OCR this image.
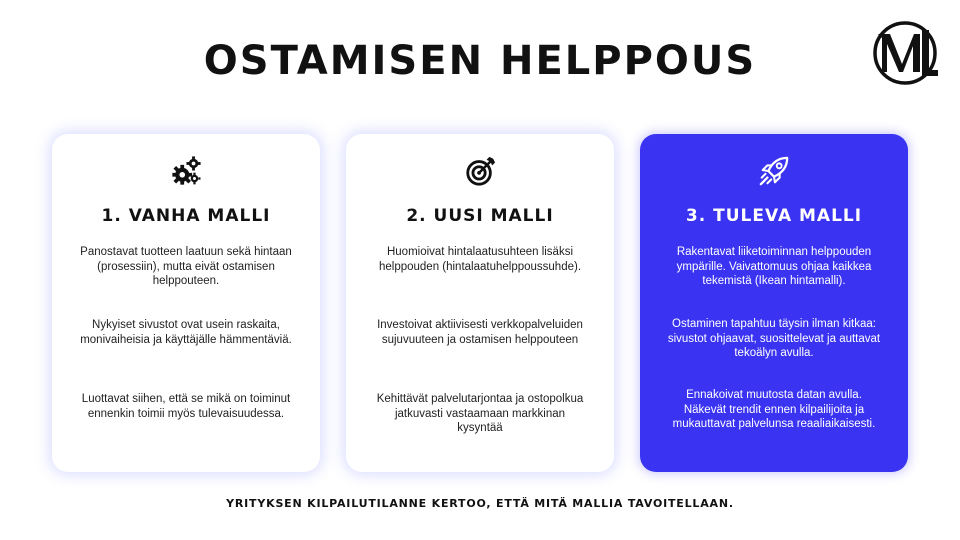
OSTAMISEN HELPPOUS
1. VANHA MALLI

Panostavat tuotteen laatuun sekä hintaan (prosessiin), mutta eivät ostamisen helppouteen.

Nykyiset sivustot ovat usein raskaita, monivaiheisia ja käyttäjälle hämmentäviä.

Luottavat siihen, että se mikä on toiminut ennenkin toimii myös tulevaisuudessa.

2. UUSI MALLI

Huomioivat hintalaatusuhteen lisäksi helppouden (hintalaatuhelppoussuhde).

Investoivat aktiivisesti verkkopalveluiden sujuvuuteen ja ostamisen helppouteen

Kehittävät palvelutarjontaa ja ostopolkua jatkuvasti vastaamaan markkinan kysyntää

3. TULEVA MALLI

Rakentavat liiketoiminnan helppouden ympärille. Vaivattomuus ohjaa kaikkea tekemistä (Ikean hintamalli).

Ostaminen tapahtuu täysin ilman kitkaa: sivustot ohjaavat, suosittelevat ja auttavat tekoälyn avulla.

Ennakoivat muutosta datan avulla. Näkevät trendit ennen kilpailijoita ja mukauttavat palvelunsa reaaliaikaisesti.

YRITYKSEN KILPAILUTILANNE KERTOO, ETTÄ MITÄ MALLIA TAVOITELLAAN.
